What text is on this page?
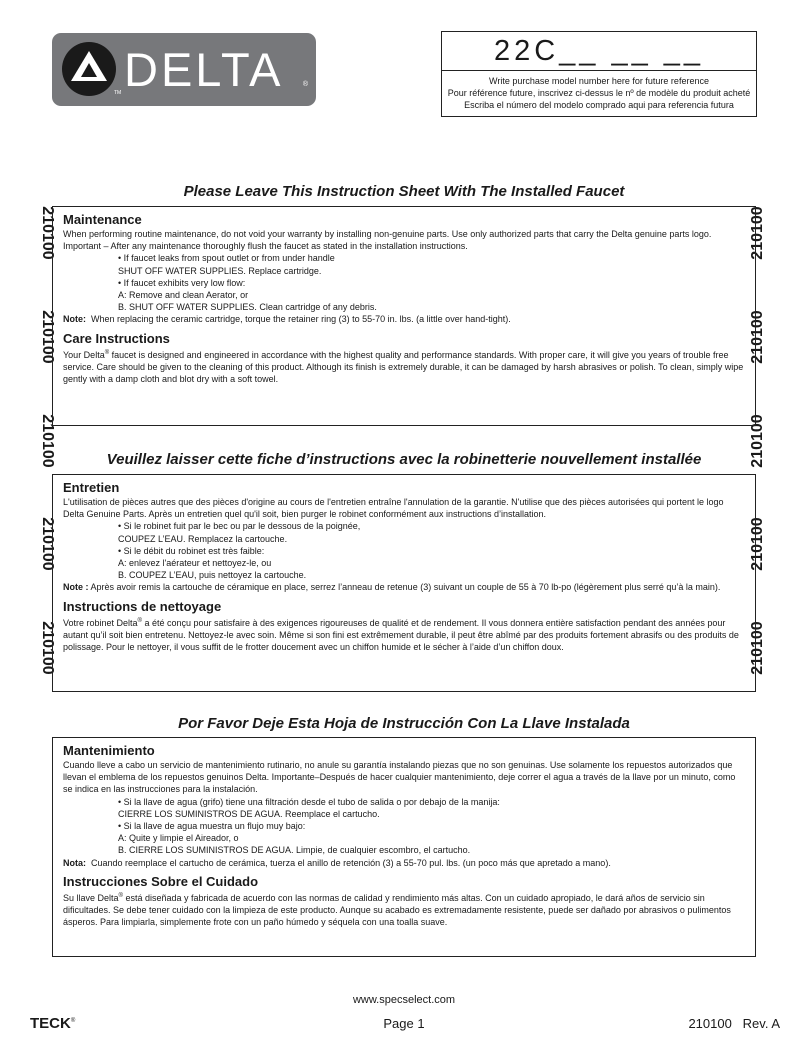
DELTA
TM
®
22C__ __ __
Write purchase model number here for future reference
Pour référence future, inscrivez ci-dessus le nº de modèle du produit acheté
Escriba el número del modelo comprado aqui para referencia futura
210100
210100
210100
210100
210100
210100
210100
210100
210100
210100
Please Leave This Instruction Sheet With The Installed Faucet
Maintenance

When performing routine maintenance, do not void your warranty by installing non-genuine parts. Use only authorized parts that carry the Delta genuine parts logo. Important – After any maintenance thoroughly flush the faucet as stated in the installation instructions.

• If faucet leaks from spout outlet or from under handle

SHUT OFF WATER SUPPLIES. Replace cartridge.

• If faucet exhibits very low flow:

A: Remove and clean Aerator, or

B. SHUT OFF WATER SUPPLIES. Clean cartridge of any debris.

Note: When replacing the ceramic cartridge, torque the retainer ring (3) to 55-70 in. lbs. (a little over hand-tight).

Care Instructions

Your Delta® faucet is designed and engineered in accordance with the highest quality and performance standards. With proper care, it will give you years of trouble free service. Care should be given to the cleaning of this product. Although its finish is extremely durable, it can be damaged by harsh abrasives or polish. To clean, simply wipe gently with a damp cloth and blot dry with a soft towel.

Veuillez laisser cette fiche d’instructions avec la robinetterie nouvellement installée
Entretien

L'utilisation de pièces autres que des pièces d'origine au cours de l'entretien entraîne l'annulation de la garantie. N'utilise que des pièces autorisées qui portent le logo Delta Genuine Parts. Après un entretien quel qu'il soit, bien purger le robinet conformément aux instructions d’installation.

• Si le robinet fuit par le bec ou par le dessous de la poignée,

COUPEZ L’EAU. Remplacez la cartouche.

• Si le débit du robinet est très faible:

A: enlevez l'aérateur et nettoyez-le, ou

B. COUPEZ L’EAU, puis nettoyez la cartouche.

Note : Après avoir remis la cartouche de céramique en place, serrez l’anneau de retenue (3) suivant un couple de 55 à 70 lb-po (légèrement plus serré qu’à la main).

Instructions de nettoyage

Votre robinet Delta® a été conçu pour satisfaire à des exigences rigoureuses de qualité et de rendement. Il vous donnera entière satisfaction pendant des années pour autant qu’il soit bien entretenu. Nettoyez-le avec soin. Même si son fini est extrêmement durable, il peut être abîmé par des produits fortement abrasifs ou des produits de polissage. Pour le nettoyer, il vous suffit de le frotter doucement avec un chiffon humide et le sécher à l’aide d’un chiffon doux.

Por Favor Deje Esta Hoja de Instrucción Con La Llave Instalada
Mantenimiento

Cuando lleve a cabo un servicio de mantenimiento rutinario, no anule su garantía instalando piezas que no son genuinas. Use solamente los repuestos autorizados que llevan el emblema de los repuestos genuinos Delta. Importante–Después de hacer cualquier mantenimiento, deje correr el agua a través de la llave por un minuto, como se indica en las instrucciones para la instalación.

• Si la llave de agua (grifo) tiene una filtración desde el tubo de salida o por debajo de la manija:

CIERRE LOS SUMINISTROS DE AGUA. Reemplace el cartucho.

• Si la llave de agua muestra un flujo muy bajo:

A: Quite y limpie el Aireador, o

B. CIERRE LOS SUMINISTROS DE AGUA. Limpie, de cualquier escombro, el cartucho.

Nota: Cuando reemplace el cartucho de cerámica, tuerza el anillo de retención (3) a 55-70 pul. lbs. (un poco más que apretado a mano).

Instrucciones Sobre el Cuidado

Su llave Delta® está diseñada y fabricada de acuerdo con las normas de calidad y rendimiento más altas. Con un cuidado apropiado, le dará años de servicio sin dificultades. Se debe tener cuidado con la limpieza de este producto. Aunque su acabado es extremadamente resistente, puede ser dañado por abrasivos o pulimentos ásperos. Para limpiarla, simplemente frote con un paño húmedo y séquela con una toalla suave.

www.specselect.com
Page 1
TECK®	210100   Rev. A
